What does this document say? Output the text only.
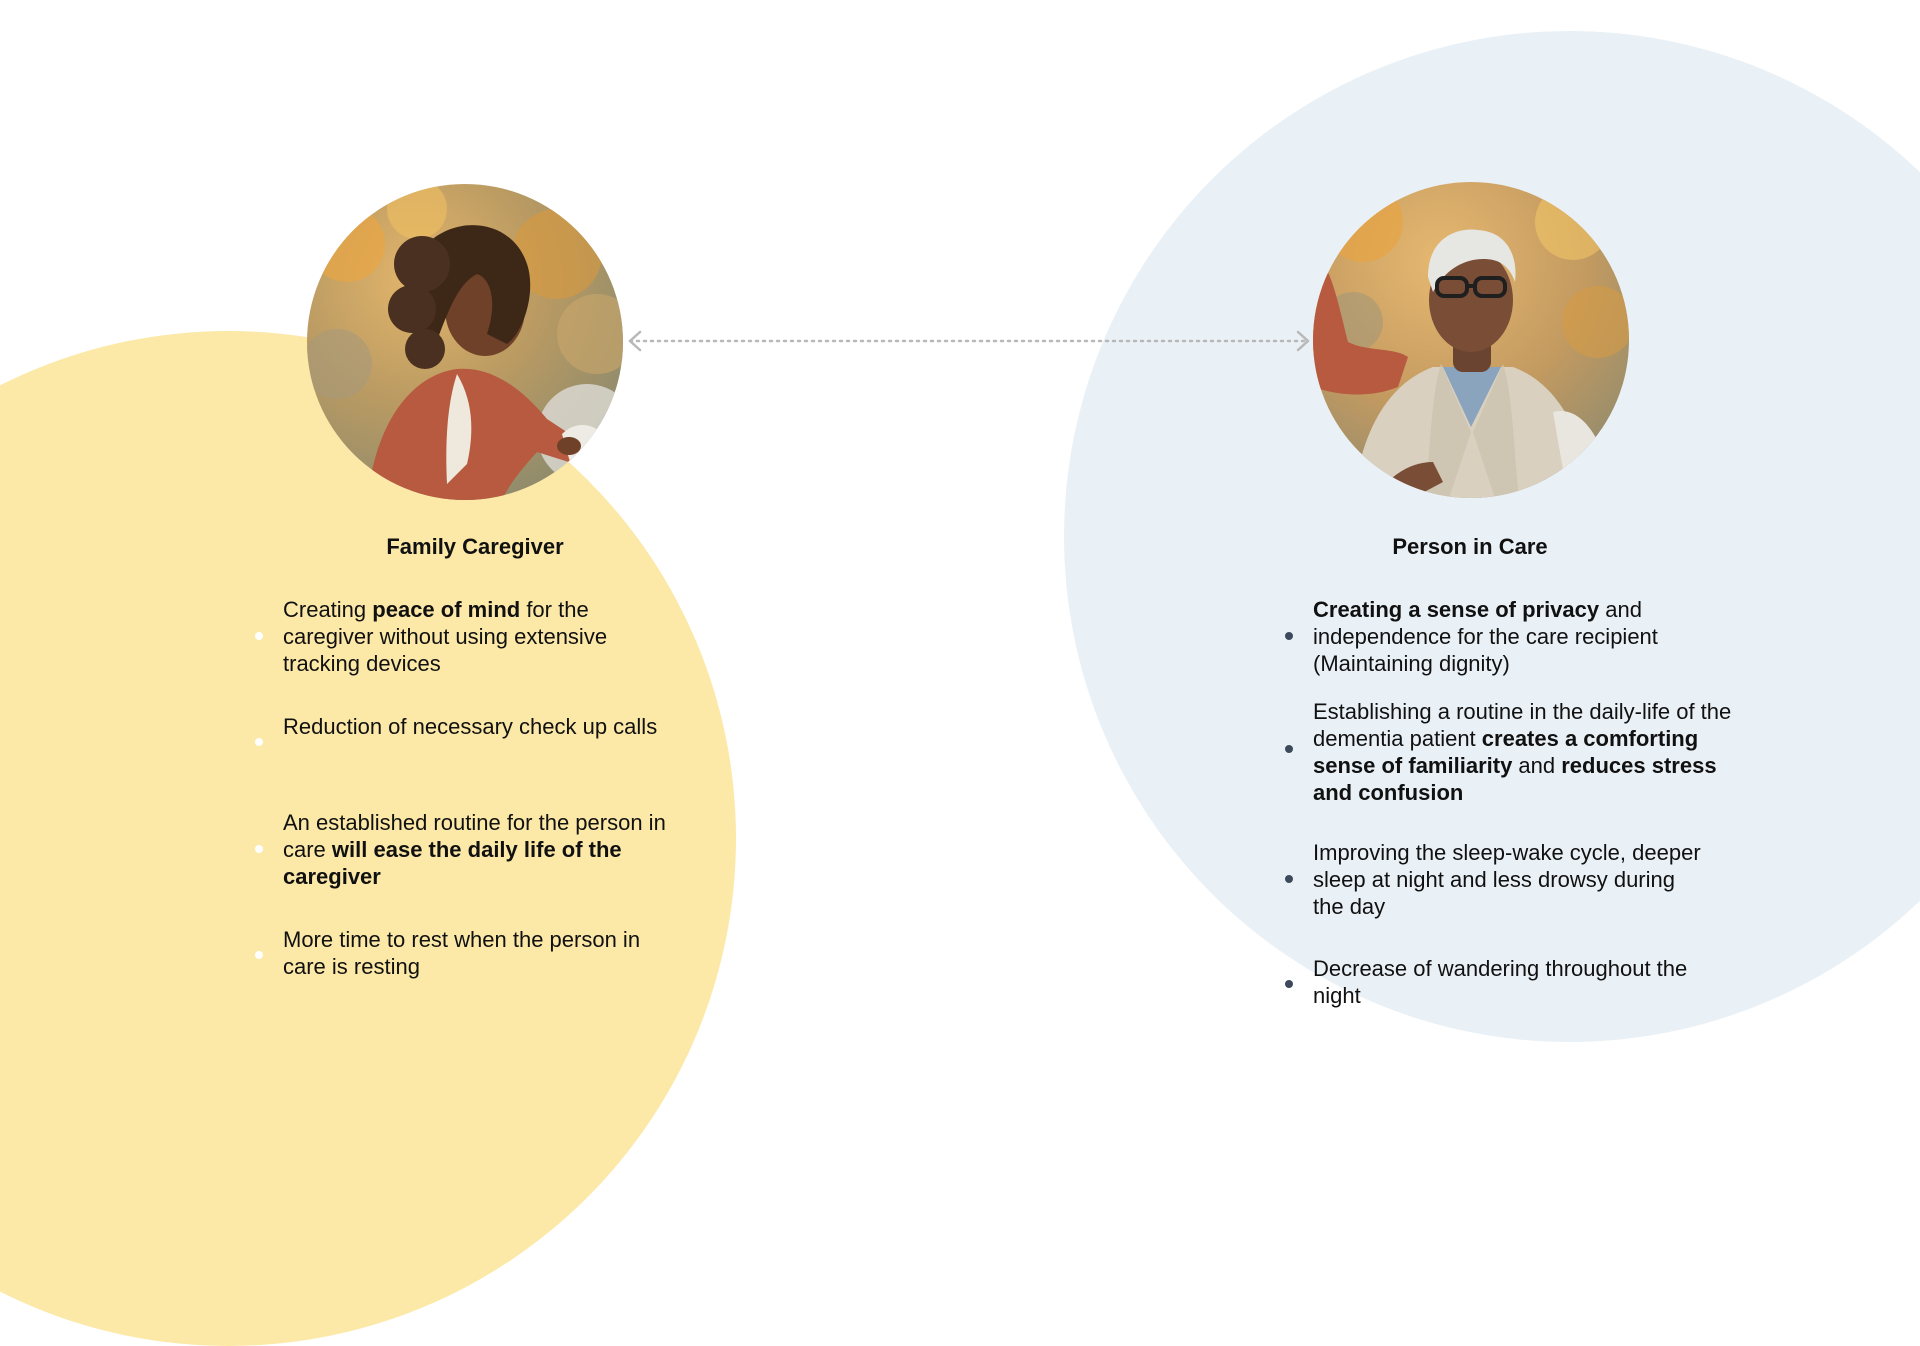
Family Caregiver	Person in Care
Creating peace of mind for the caregiver without using extensive tracking devices
Reduction of necessary check up calls
An established routine for the person in care will ease the daily life of the caregiver
More time to rest when the person in care is resting
Creating a sense of privacy and independence for the care recipient (Maintaining dignity)
Establishing a routine in the daily-life of the dementia patient creates a comforting sense of familiarity and reduces stress and confusion
Improving the sleep-wake cycle, deeper sleep at night and less drowsy during the day
Decrease of wandering throughout the night
